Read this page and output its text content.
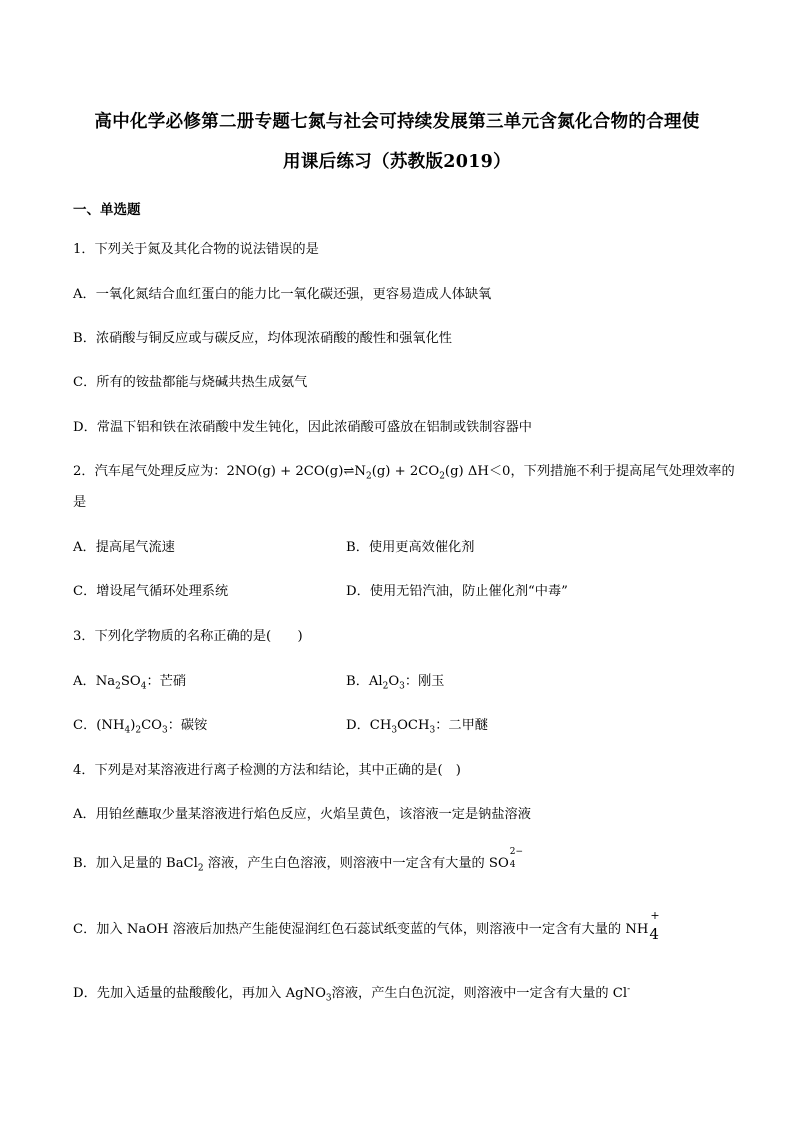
高中化学必修第二册专题七氮与社会可持续发展第三单元含氮化合物的合理使
用课后练习（苏教版2019）
一、单选题
1．下列关于氮及其化合物的说法错误的是
A．一氧化氮结合血红蛋白的能力比一氧化碳还强，更容易造成人体缺氧
B．浓硝酸与铜反应或与碳反应，均体现浓硝酸的酸性和强氧化性
C．所有的铵盐都能与烧碱共热生成氨气
D．常温下铝和铁在浓硝酸中发生钝化，因此浓硝酸可盛放在铝制或铁制容器中
2．汽车尾气处理反应为：$2NO(g) + 2CO(g)\rightleftharpoons N_2(g) + 2CO_2(g)$ ΔH＜0，下列措施不利于提高尾气处理效率的
是
A．提高尾气流速	B．使用更高效催化剂
C．增设尾气循环处理系统	D．使用无铅汽油，防止催化剂“中毒”
3．下列化学物质的名称正确的是(　　)
A．$Na_2SO_4$：芒硝	B．$Al_2O_3$：刚玉
C．$(NH_4)_2CO_3$：碳铵	D．$CH_3OCH_3$：二甲醚
4．下列是对某溶液进行离子检测的方法和结论，其中正确的是(　)
A．用铂丝蘸取少量某溶液进行焰色反应，火焰呈黄色，该溶液一定是钠盐溶液
B．加入足量的 BaCl$_2$ 溶液，产生白色溶液，则溶液中一定含有大量的 SO
2−
4
C．加入 NaOH 溶液后加热产生能使湿润红色石蕊试纸变蓝的气体，则溶液中一定含有大量的 NH
+
4
D．先加入适量的盐酸酸化，再加入 AgNO$_3$溶液，产生白色沉淀，则溶液中一定含有大量的 Cl-
